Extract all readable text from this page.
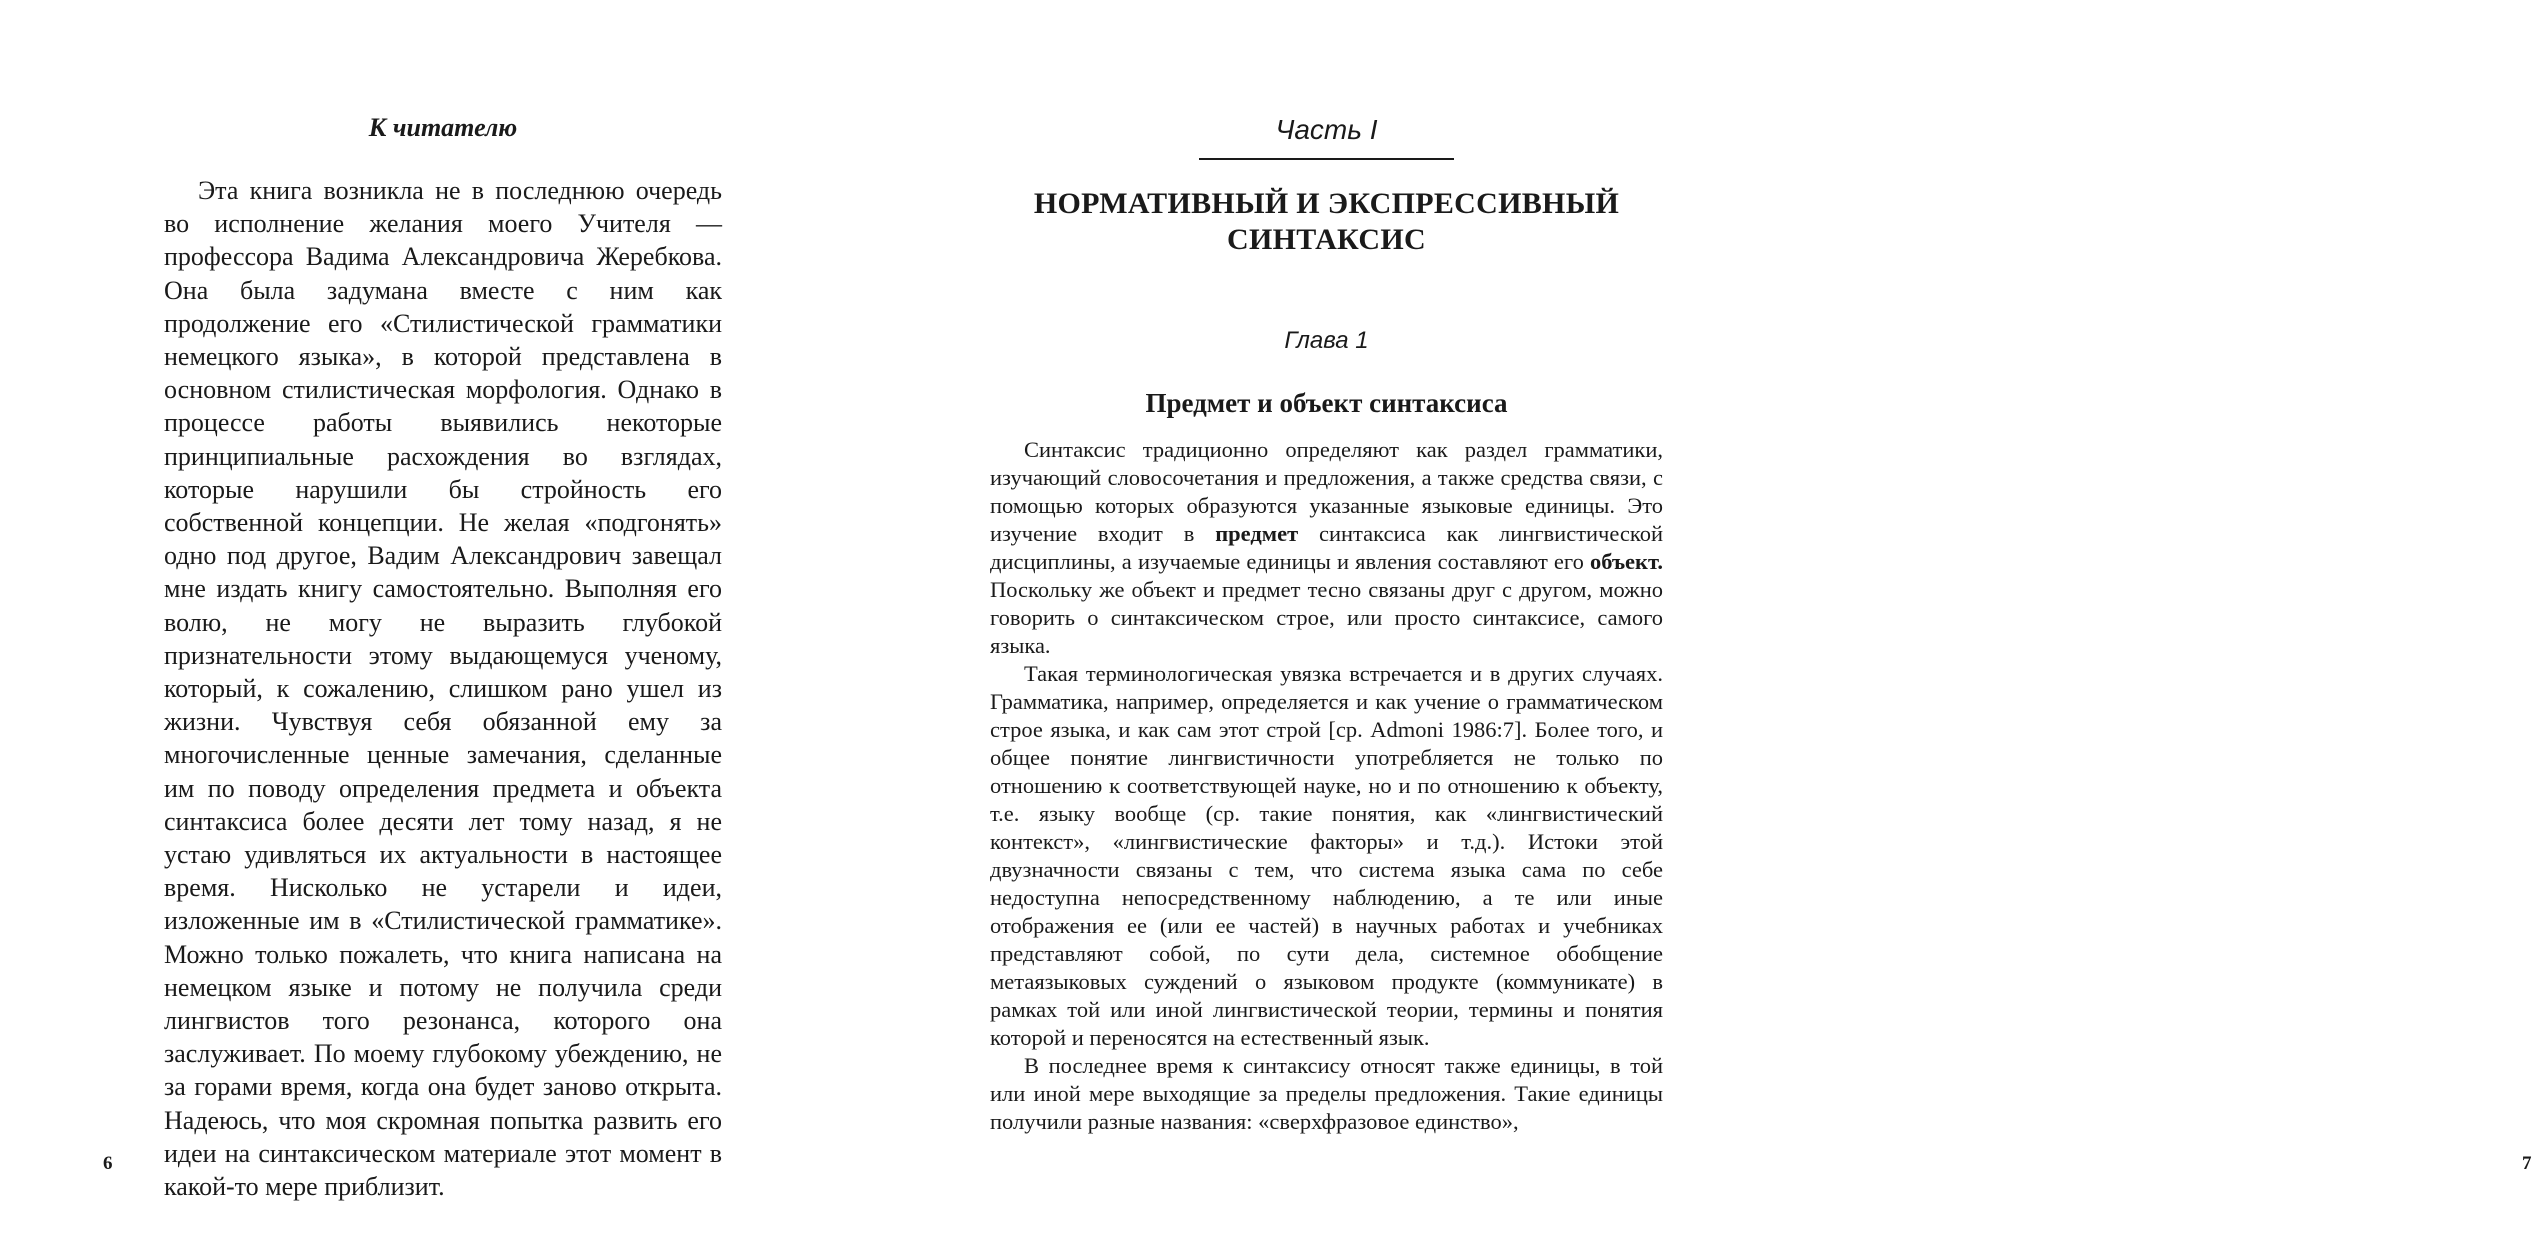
К читателю

Эта книга возникла не в последнюю очередь во исполнение желания моего Учителя — профессора Вадима Александровича Жеребкова. Она была задумана вместе с ним как продолжение его «Стилистической грамматики немецкого языка», в которой представлена в основном стилистическая морфология. Однако в процессе работы выявились некоторые принципиальные расхождения во взглядах, которые нарушили бы стройность его собственной концепции. Не желая «подгонять» одно под другое, Вадим Александрович завещал мне издать книгу самостоятельно. Выполняя его волю, не могу не выразить глубокой признательности этому выдающемуся ученому, который, к сожалению, слишком рано ушел из жизни. Чувствуя себя обязанной ему за многочисленные ценные замечания, сделанные им по поводу определения предмета и объекта синтаксиса более десяти лет тому назад, я не устаю удивляться их актуальности в настоящее время. Нисколько не устарели и идеи, изложенные им в «Стилистической грамматике». Можно только пожалеть, что книга написана на немецком языке и потому не получила среди лингвистов того резонанса, которого она заслуживает. По моему глубокому убеждению, не за горами время, когда она будет заново открыта. Надеюсь, что моя скромная попытка развить его идеи на синтаксическом материале этот момент в какой-то мере приблизит.

6
Часть I
НОРМАТИВНЫЙ И ЭКСПРЕССИВНЫЙ
СИНТАКСИС
Глава 1
Предмет и объект синтаксиса

Синтаксис традиционно определяют как раздел грамматики, изучающий словосочетания и предложения, а также средства связи, с помощью которых образуются указанные языковые единицы. Это изучение входит в предмет синтаксиса как лингвистической дисциплины, а изучаемые единицы и явления составляют его объект. Поскольку же объект и предмет тесно связаны друг с другом, можно говорить о синтаксическом строе, или просто синтаксисе, самого языка.

Такая терминологическая увязка встречается и в других случаях. Грамматика, например, определяется и как учение о грамматическом строе языка, и как сам этот строй [ср. Admoni 1986:7]. Более того, и общее понятие лингвистичности употребляется не только по отношению к соответствующей науке, но и по отношению к объекту, т.е. языку вообще (ср. такие понятия, как «лингвистический контекст», «лингвистические факторы» и т.д.). Истоки этой двузначности связаны с тем, что система языка сама по себе недоступна непосредственному наблюдению, а те или иные отображения ее (или ее частей) в научных работах и учебниках представляют собой, по сути дела, системное обобщение метаязыковых суждений о языковом продукте (коммуникате) в рамках той или иной лингвистической теории, термины и понятия которой и переносятся на естественный язык.

В последнее время к синтаксису относят также единицы, в той или иной мере выходящие за пределы предложения. Такие единицы получили разные названия: «сверхфразовое единство»,

7
